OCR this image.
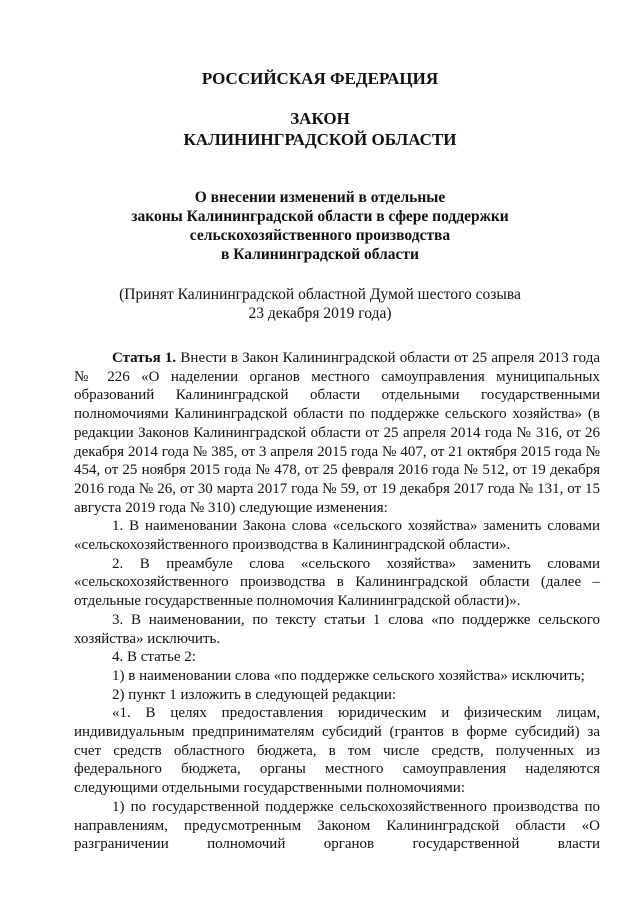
РОССИЙСКАЯ ФЕДЕРАЦИЯ
ЗАКОН
КАЛИНИНГРАДСКОЙ ОБЛАСТИ
О внесении изменений в отдельные
законы Калининградской области в сфере поддержки
сельскохозяйственного производства
в Калининградской области
(Принят Калининградской областной Думой шестого созыва
23 декабря 2019 года)

Статья 1. Внести в Закон Калининградской области от 25 апреля 2013 года № 226 «О наделении органов местного самоуправления муниципальных образований Калининградской области отдельными государственными полномочиями Калининградской области по поддержке сельского хозяйства» (в редакции Законов Калининградской области от 25 апреля 2014 года № 316, от 26 декабря 2014 года № 385, от 3 апреля 2015 года № 407, от 21 октября 2015 года № 454, от 25 ноября 2015 года № 478, от 25 февраля 2016 года № 512, от 19 декабря 2016 года № 26, от 30 марта 2017 года № 59, от 19 декабря 2017 года № 131, от 15 августа 2019 года № 310) следующие изменения:

1. В наименовании Закона слова «сельского хозяйства» заменить словами «сельскохозяйственного производства в Калининградской области».

2. В преамбуле слова «сельского хозяйства» заменить словами «сельскохозяйственного производства в Калининградской области (далее – отдельные государственные полномочия Калининградской области)».

3. В наименовании, по тексту статьи 1 слова «по поддержке сельского хозяйства» исключить.

4. В статье 2:

1) в наименовании слова «по поддержке сельского хозяйства» исключить;

2) пункт 1 изложить в следующей редакции:

«1. В целях предоставления юридическим и физическим лицам, индивидуальным предпринимателям субсидий (грантов в форме субсидий) за счет средств областного бюджета, в том числе средств, полученных из федерального бюджета, органы местного самоуправления наделяются следующими отдельными государственными полномочиями:

1) по государственной поддержке сельскохозяйственного производства по направлениям, предусмотренным Законом Калининградской области «О разграничении полномочий органов государственной власти
